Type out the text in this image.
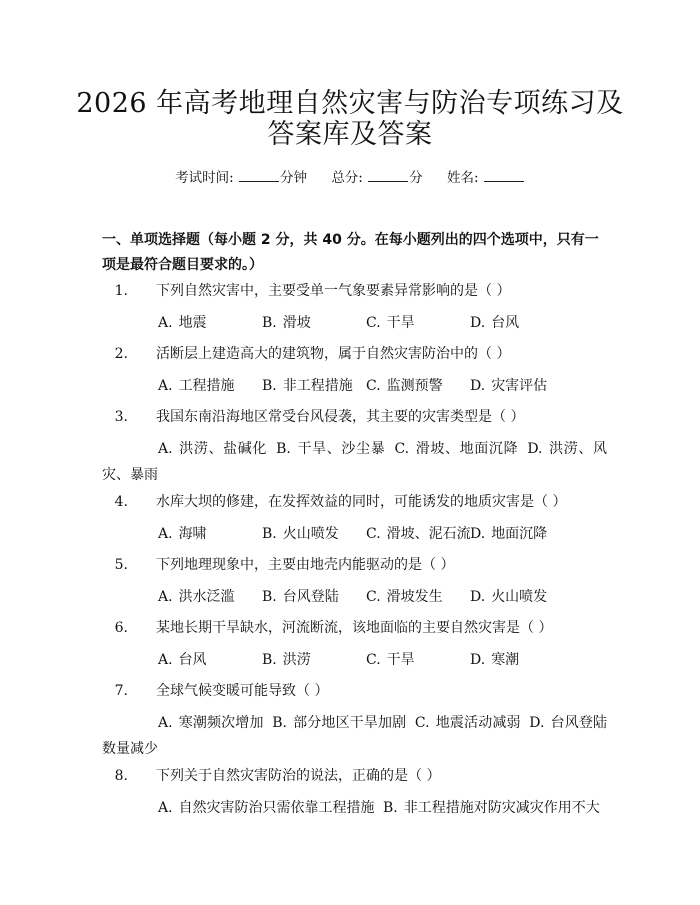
2026 年高考地理自然灾害与防治专项练习及
答案库及答案
考试时间:	分钟 总分:	分 姓名:
一、单项选择题（每小题 2 分，共 40 分。在每小题列出的四个选项中，只有一项是最符合题目要求的。）
1. 下列自然灾害中，主要受单一气象要素异常影响的是（ ）
A. 地震	B. 滑坡	C. 干旱	D. 台风
2. 活断层上建造高大的建筑物，属于自然灾害防治中的（ ）
A. 工程措施 B. 非工程措施 C. 监测预警 D. 灾害评估
3. 我国东南沿海地区常受台风侵袭，其主要的灾害类型是（ ）
A. 洪涝、盐碱化 B. 干旱、沙尘暴 C. 滑坡、地面沉降 D. 洪涝、风灾、暴雨
4. 水库大坝的修建，在发挥效益的同时，可能诱发的地质灾害是（ ）
A. 海啸	B. 火山喷发 C. 滑坡、泥石流D. 地面沉降
5. 下列地理现象中，主要由地壳内能驱动的是（ ）
A. 洪水泛滥 B. 台风登陆 C. 滑坡发生 D. 火山喷发
6. 某地长期干旱缺水，河流断流，该地面临的主要自然灾害是（ ）
A. 台风	B. 洪涝	C. 干旱	D. 寒潮
7. 全球气候变暖可能导致（ ）
A. 寒潮频次增加 B. 部分地区干旱加剧 C. 地震活动减弱 D. 台风登陆数量减少
8. 下列关于自然灾害防治的说法，正确的是（ ）
A. 自然灾害防治只需依靠工程措施 B. 非工程措施对防灾减灾作用不大
